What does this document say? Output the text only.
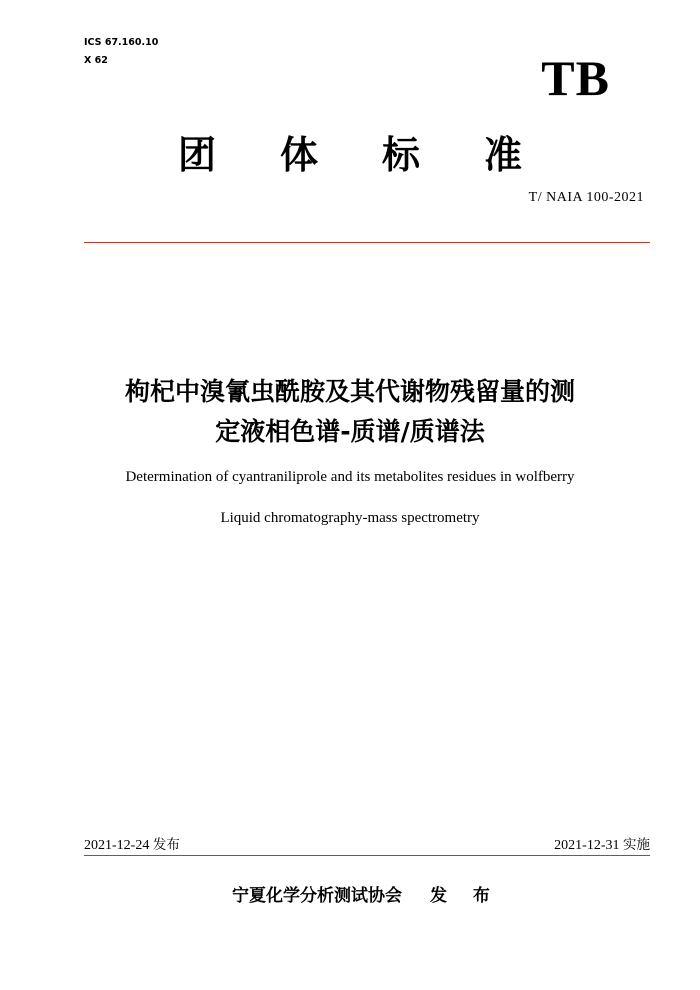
ICS 67.160.10
X 62	TB
团 体 标 准
T/ NAIA 100-2021
枸杞中溴氰虫酰胺及其代谢物残留量的测
定液相色谱-质谱/质谱法
Determination of cyantraniliprole and its metabolites residues in wolfberry
Liquid chromatography-mass spectrometry
2021-12-24 发布	2021-12-31 实施
宁夏化学分析测试协会 发 布
